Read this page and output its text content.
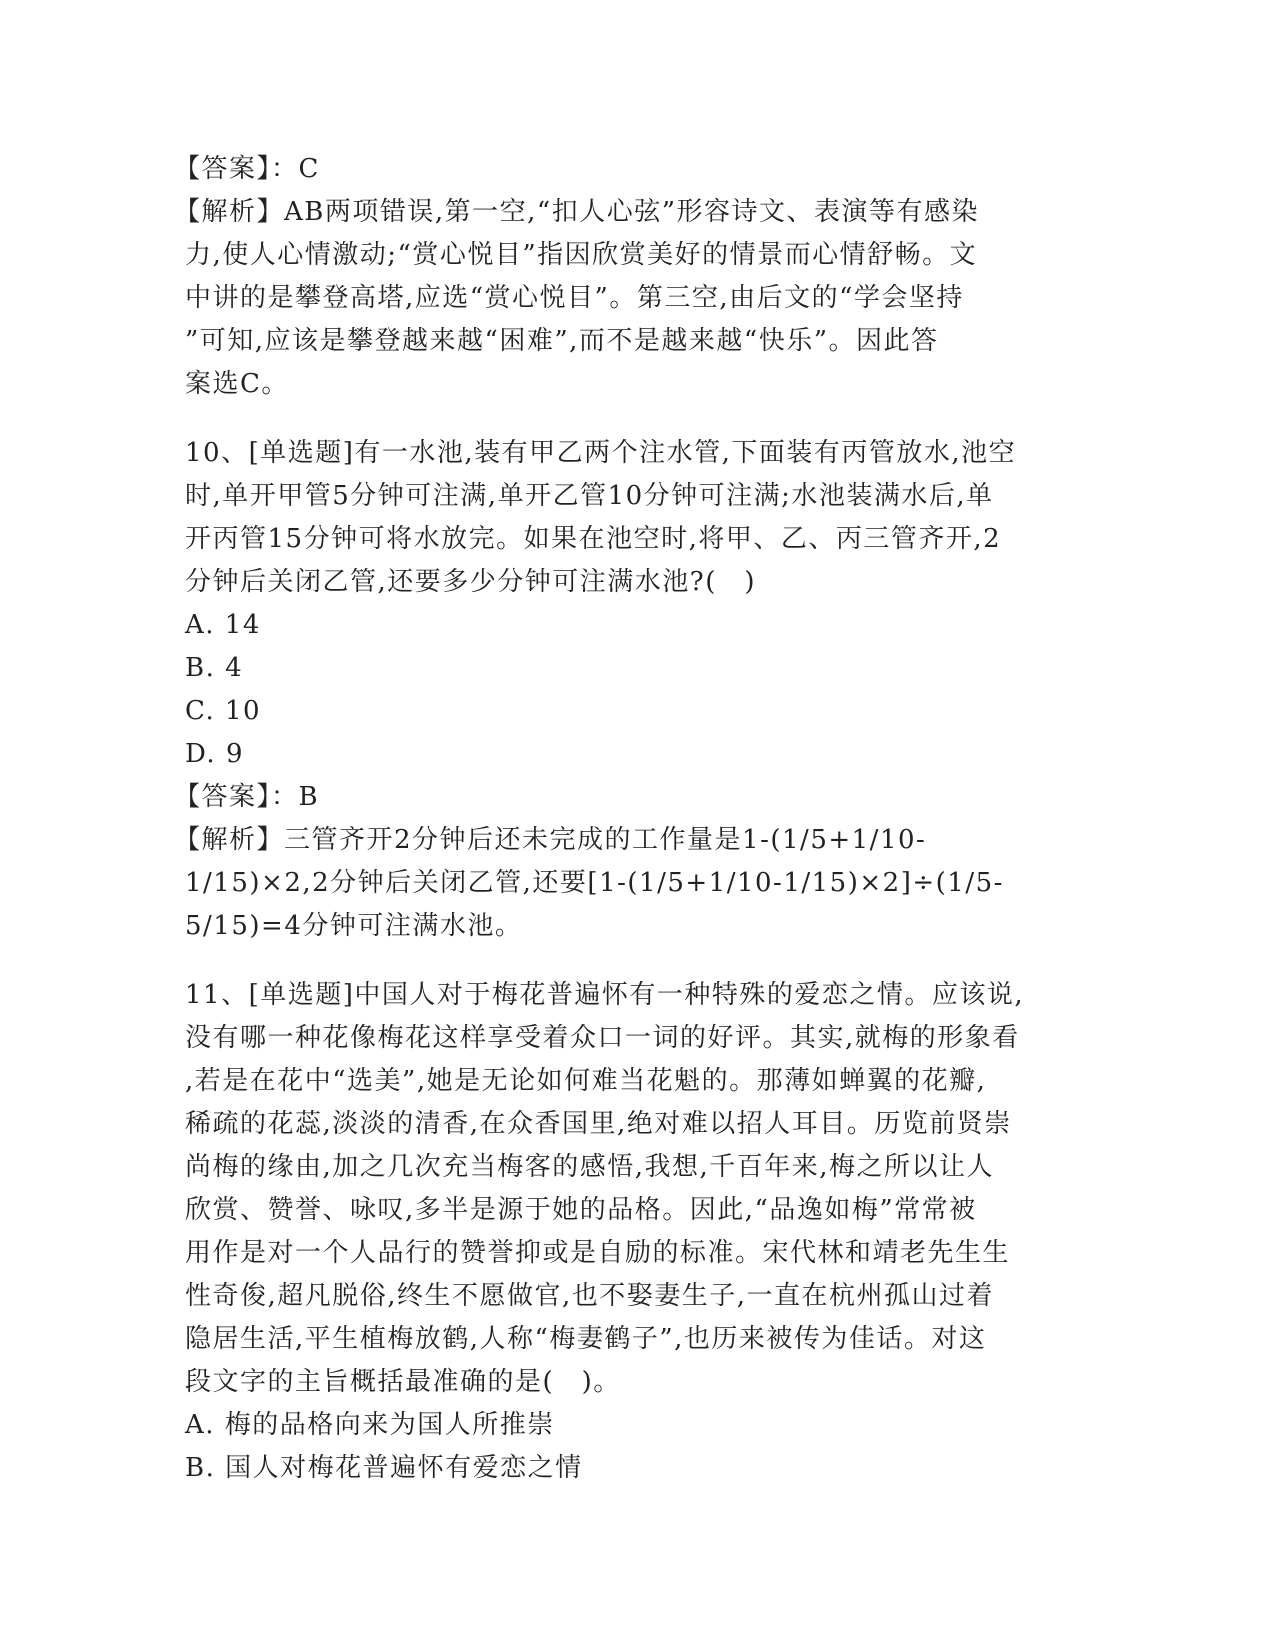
【答案】：C
【解析】AB两项错误,第一空,“扣人心弦”形容诗文、表演等有感染
力,使人心情激动;“赏心悦目”指因欣赏美好的情景而心情舒畅。文
中讲的是攀登高塔,应选“赏心悦目”。第三空,由后文的“学会坚持
”可知,应该是攀登越来越“困难”,而不是越来越“快乐”。因此答
案选C。
10、[单选题]有一水池,装有甲乙两个注水管,下面装有丙管放水,池空
时,单开甲管5分钟可注满,单开乙管10分钟可注满;水池装满水后,单
开丙管15分钟可将水放完。如果在池空时,将甲、乙、丙三管齐开,2
分钟后关闭乙管,还要多少分钟可注满水池?(　)
A. 14
B. 4
C. 10
D. 9
【答案】：B
【解析】三管齐开2分钟后还未完成的工作量是1-(1/5+1/10-
1/15)×2,2分钟后关闭乙管,还要[1-(1/5+1/10-1/15)×2]÷(1/5-
5/15)=4分钟可注满水池。
11、[单选题]中国人对于梅花普遍怀有一种特殊的爱恋之情。应该说,
没有哪一种花像梅花这样享受着众口一词的好评。其实,就梅的形象看
,若是在花中“选美”,她是无论如何难当花魁的。那薄如蝉翼的花瓣,
稀疏的花蕊,淡淡的清香,在众香国里,绝对难以招人耳目。历览前贤崇
尚梅的缘由,加之几次充当梅客的感悟,我想,千百年来,梅之所以让人
欣赏、赞誉、咏叹,多半是源于她的品格。因此,“品逸如梅”常常被
用作是对一个人品行的赞誉抑或是自励的标准。宋代林和靖老先生生
性奇俊,超凡脱俗,终生不愿做官,也不娶妻生子,一直在杭州孤山过着
隐居生活,平生植梅放鹤,人称“梅妻鹤子”,也历来被传为佳话。对这
段文字的主旨概括最准确的是(　)。
A. 梅的品格向来为国人所推崇
B. 国人对梅花普遍怀有爱恋之情
